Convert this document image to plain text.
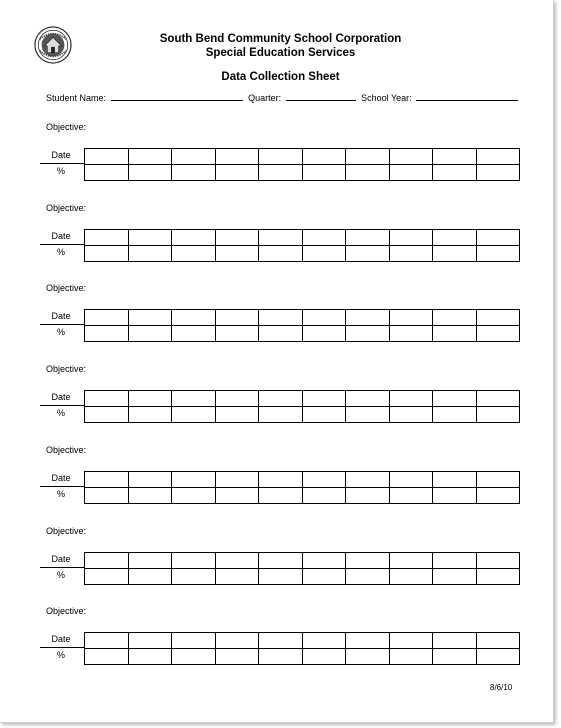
South Bend Community School Corporation
Special Education Services
Data Collection Sheet
Student Name:	Quarter:	School Year:
Objective:
Date
%

Objective:
Date
%

Objective:
Date
%

Objective:
Date
%

Objective:
Date
%

Objective:
Date
%

Objective:
Date
%

8/6/10
